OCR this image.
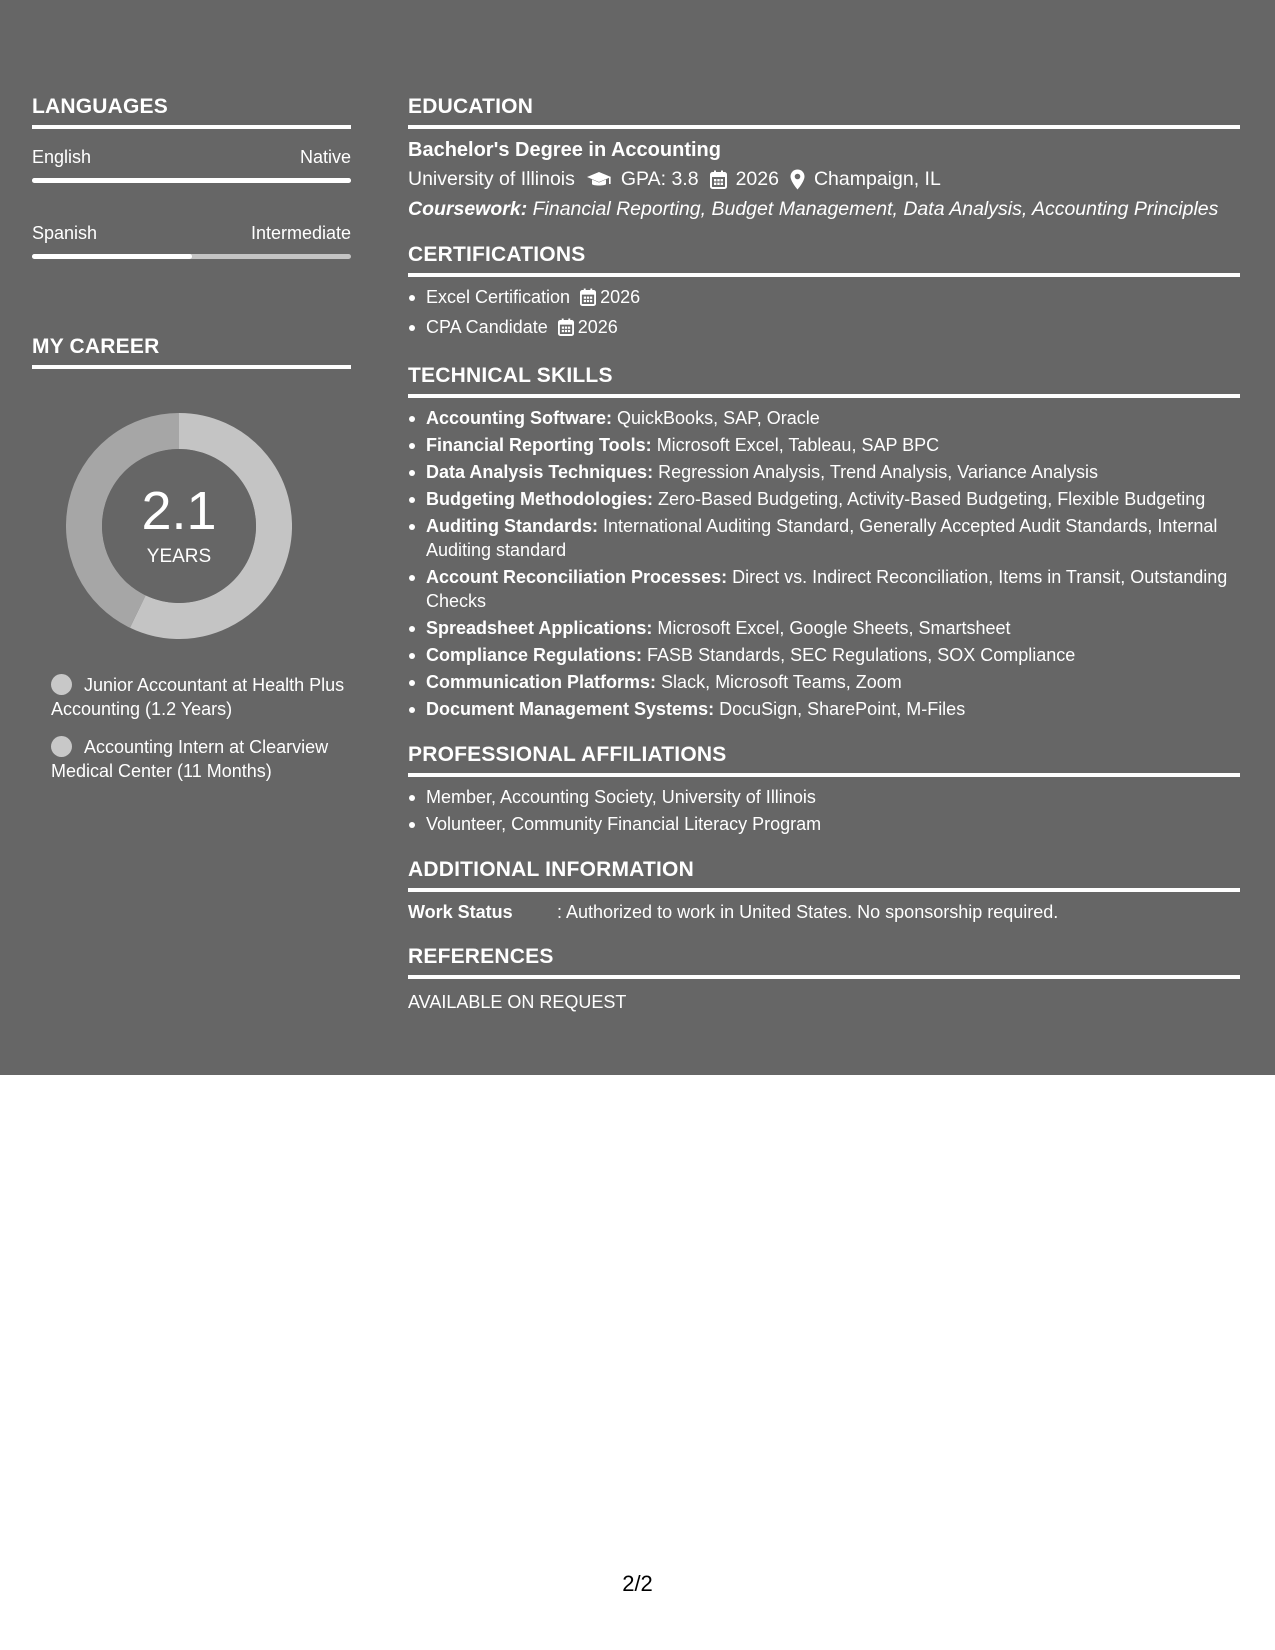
LANGUAGES
English	Native
Spanish	Intermediate
MY CAREER
2.1
YEARS
Junior Accountant at Health Plus Accounting (1.2 Years)
Accounting Intern at Clearview Medical Center (11 Months)
EDUCATION
Bachelor's Degree in Accounting
University of Illinois GPA: 3.8 2026 Champaign, IL
Coursework: Financial Reporting, Budget Management, Data Analysis, Accounting Principles
CERTIFICATIONS
Excel Certification 2026
CPA Candidate 2026
TECHNICAL SKILLS
Accounting Software: QuickBooks, SAP, Oracle
Financial Reporting Tools: Microsoft Excel, Tableau, SAP BPC
Data Analysis Techniques: Regression Analysis, Trend Analysis, Variance Analysis
Budgeting Methodologies: Zero-Based Budgeting, Activity-Based Budgeting, Flexible Budgeting
Auditing Standards: International Auditing Standard, Generally Accepted Audit Standards, Internal Auditing standard
Account Reconciliation Processes: Direct vs. Indirect Reconciliation, Items in Transit, Outstanding Checks
Spreadsheet Applications: Microsoft Excel, Google Sheets, Smartsheet
Compliance Regulations: FASB Standards, SEC Regulations, SOX Compliance
Communication Platforms: Slack, Microsoft Teams, Zoom
Document Management Systems: DocuSign, SharePoint, M-Files
PROFESSIONAL AFFILIATIONS
Member, Accounting Society, University of Illinois
Volunteer, Community Financial Literacy Program
ADDITIONAL INFORMATION
Work Status	: Authorized to work in United States. No sponsorship required.
REFERENCES
AVAILABLE ON REQUEST
2/2
